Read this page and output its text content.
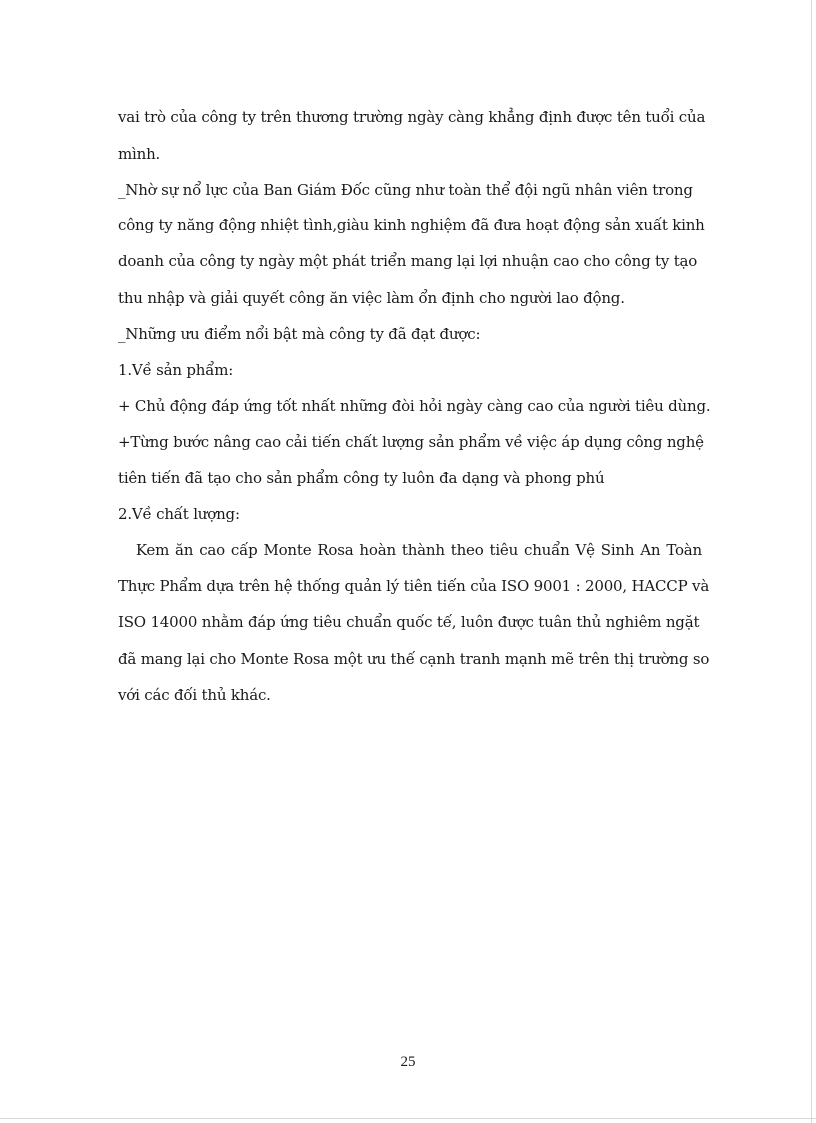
vai trò của công ty trên thương trường ngày càng khẳng định được tên tuổi của
mình.
_Nhờ sự nổ lực của Ban Giám Đốc cũng như toàn thể đội ngũ nhân viên trong
công ty năng động nhiệt tình,giàu kinh nghiệm đã đưa hoạt động sản xuất kinh
doanh của công ty ngày một phát triển mang lại lợi nhuận cao cho công ty tạo
thu nhập và giải quyết công ăn việc làm ổn định cho người lao động.
_Những ưu điểm nổi bật mà công ty đã đạt được:
1.Về sản phẩm:
+ Chủ động đáp ứng tốt nhất những đòi hỏi ngày càng cao của người tiêu dùng.
+Từng bước nâng cao cải tiến chất lượng sản phẩm về việc áp dụng công nghệ
tiên tiến đã tạo cho sản phẩm công ty luôn đa dạng và phong phú
2.Về chất lượng:
Kem ăn cao cấp Monte Rosa hoàn thành theo tiêu chuẩn Vệ Sinh An Toàn
Thực Phẩm dựa trên hệ thống quản lý tiên tiến của ISO 9001 : 2000, HACCP và
ISO 14000 nhằm đáp ứng tiêu chuẩn quốc tế, luôn được tuân thủ nghiêm ngặt
đã mang lại cho Monte Rosa một ưu thế cạnh tranh mạnh mẽ trên thị trường so
với các đối thủ khác.
25
